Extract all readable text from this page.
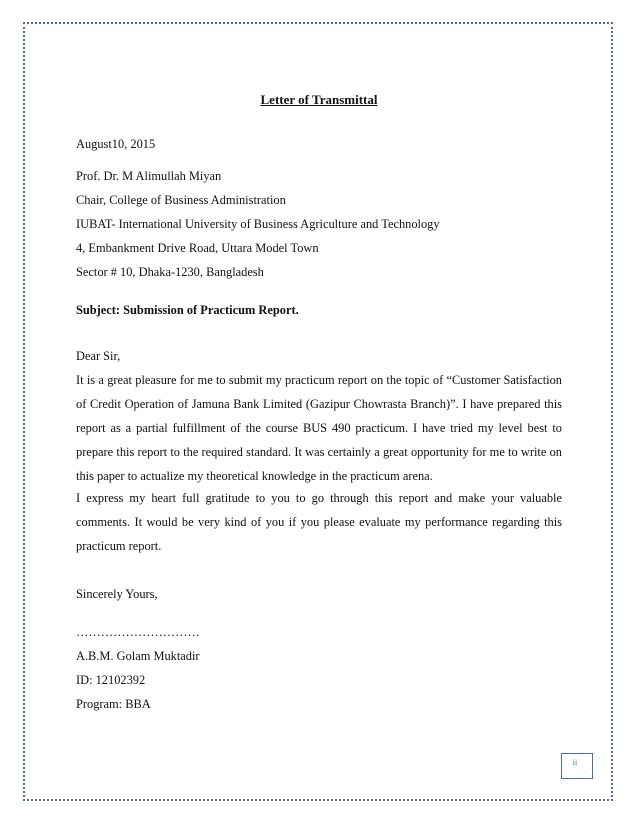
Letter of Transmittal
August10, 2015
Prof. Dr. M Alimullah Miyan
Chair, College of Business Administration
IUBAT- International University of Business Agriculture and Technology
4, Embankment Drive Road, Uttara Model Town
Sector # 10, Dhaka-1230, Bangladesh
Subject: Submission of Practicum Report.
Dear Sir,
It is a great pleasure for me to submit my practicum report on the topic of “Customer Satisfaction of Credit Operation of Jamuna Bank Limited (Gazipur Chowrasta Branch)”. I have prepared this report as a partial fulfillment of the course BUS 490 practicum. I have tried my level best to prepare this report to the required standard. It was certainly a great opportunity for me to write on this paper to actualize my theoretical knowledge in the practicum arena.
I express my heart full gratitude to you to go through this report and make your valuable comments. It would be very kind of you if you please evaluate my performance regarding this practicum report.
Sincerely Yours,
…………………………
A.B.M. Golam Muktadir
ID: 12102392
Program: BBA
ii
